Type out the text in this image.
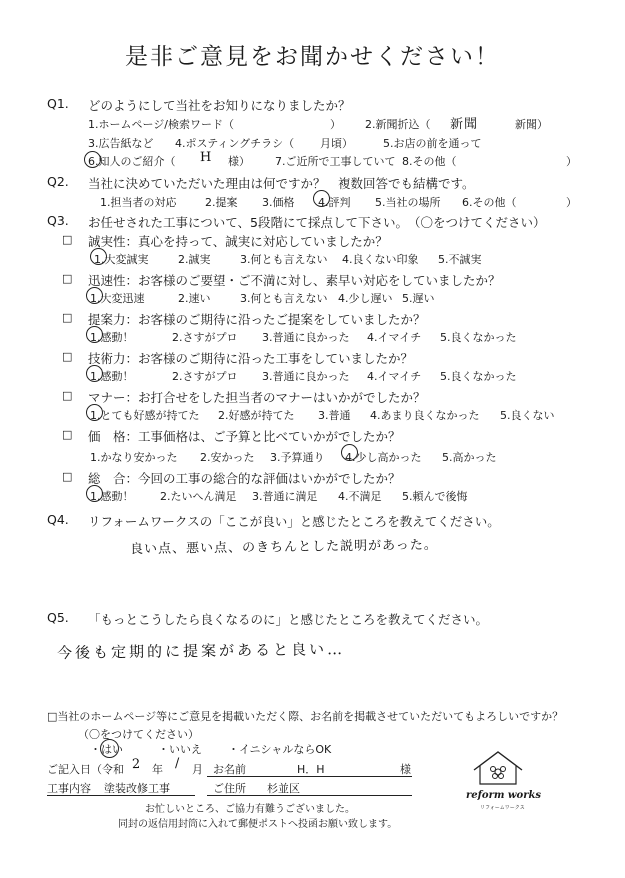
是非ご意見をお聞かせください！
Q1. どのようにして当社をお知りになりましたか？
1.ホームページ/検索ワード（	） 2.新聞折込（	新聞）
新聞
3.広告紙など 4.ポスティングチラシ（ 月頃）	5.お店の前を通って
6.知人のご紹介（ H 様） 7.ご近所で工事していて 8.その他（	）
Q2. 当社に決めていただいた理由は何ですか？　複数回答でも結構です。
1.担当者の対応	2.提案 3.価格 4.評判 5.当社の場所 6.その他（	）
Q3. お任せされた工事について、5段階にて採点して下さい。　（〇をつけてください）
□ 誠実性：真心を持って、誠実に対応していましたか？
1.大変誠実	2.誠実	3.何とも言えない 4.良くない印象 5.不誠実
□ 迅速性：お客様のご要望・ご不満に対し、素早い対応をしていましたか？
1.大変迅速	2.速い	3.何とも言えない 4.少し遅い 5.遅い
□ 提案力：お客様のご期待に沿ったご提案をしていましたか？
1.感動！	2.さすがプロ 3.普通に良かった 4.イマイチ 5.良くなかった
□ 技術力：お客様のご期待に沿った工事をしていましたか？
1.感動！	2.さすがプロ 3.普通に良かった 4.イマイチ 5.良くなかった
□ マナー：お打合せをした担当者のマナーはいかがでしたか？
1.とても好感が持てた 2.好感が持てた 3.普通 4.あまり良くなかった 5.良くない
□ 価　格：工事価格は、ご予算と比べていかがでしたか？
1.かなり安かった 2.安かった 3.予算通り 4.少し高かった 5.高かった
□ 総　合：今回の工事の総合的な評価はいかがでしたか？
1.感動！ 2.たいへん満足 3.普通に満足 4.不満足 5.頼んで後悔
Q4. リフォームワークスの「ここが良い」と感じたところを教えてください。
良い点、悪い点、のきちんとした説明があった。
Q5. 「もっとこうしたら良くなるのに」と感じたところを教えてください。
今後も定期的に提案があると良い…
□当社のホームページ等にご意見を掲載いただく際、お名前を掲載させていただいてもよろしいですか？
（〇をつけてください）
・はい	・いいえ ・イニシャルならOK
ご記入日（令和 2 年 / 月 お名前	H．H	様
工事内容 塗装改修工事	ご住所 杉並区
お忙しいところ、ご協力有難うございました。
同封の返信用封筒に入れて郵便ポストへ投函お願い致します。
reform works
リフォームワークス
